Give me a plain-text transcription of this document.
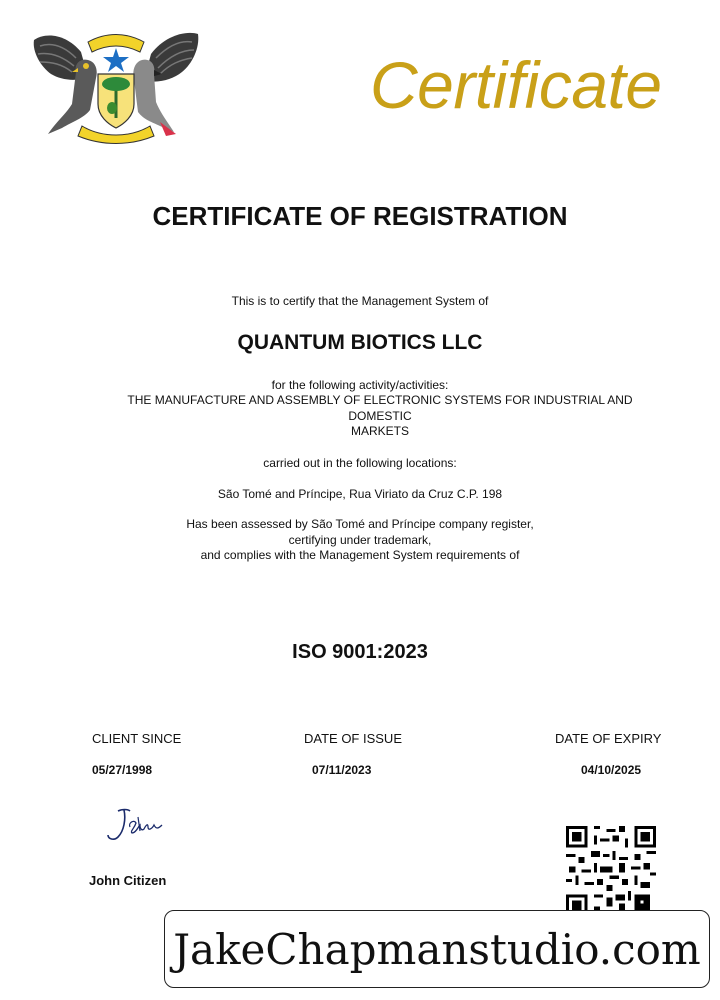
Certificate
CERTIFICATE OF REGISTRATION
This is to certify that the Management System of
QUANTUM BIOTICS LLC
for the following activity/activities:
THE MANUFACTURE AND ASSEMBLY OF ELECTRONIC SYSTEMS FOR INDUSTRIAL AND
DOMESTIC
MARKETS
carried out in the following locations:
São Tomé and Príncipe, Rua Viriato da Cruz C.P. 198
Has been assessed by São Tomé and Príncipe company register,
certifying under trademark,
and complies with the Management System requirements of
ISO 9001:2023
CLIENT SINCE	DATE OF ISSUE	DATE OF EXPIRY
05/27/1998	07/11/2023	04/10/2025
John Citizen
JakeChapmanstudio.com
